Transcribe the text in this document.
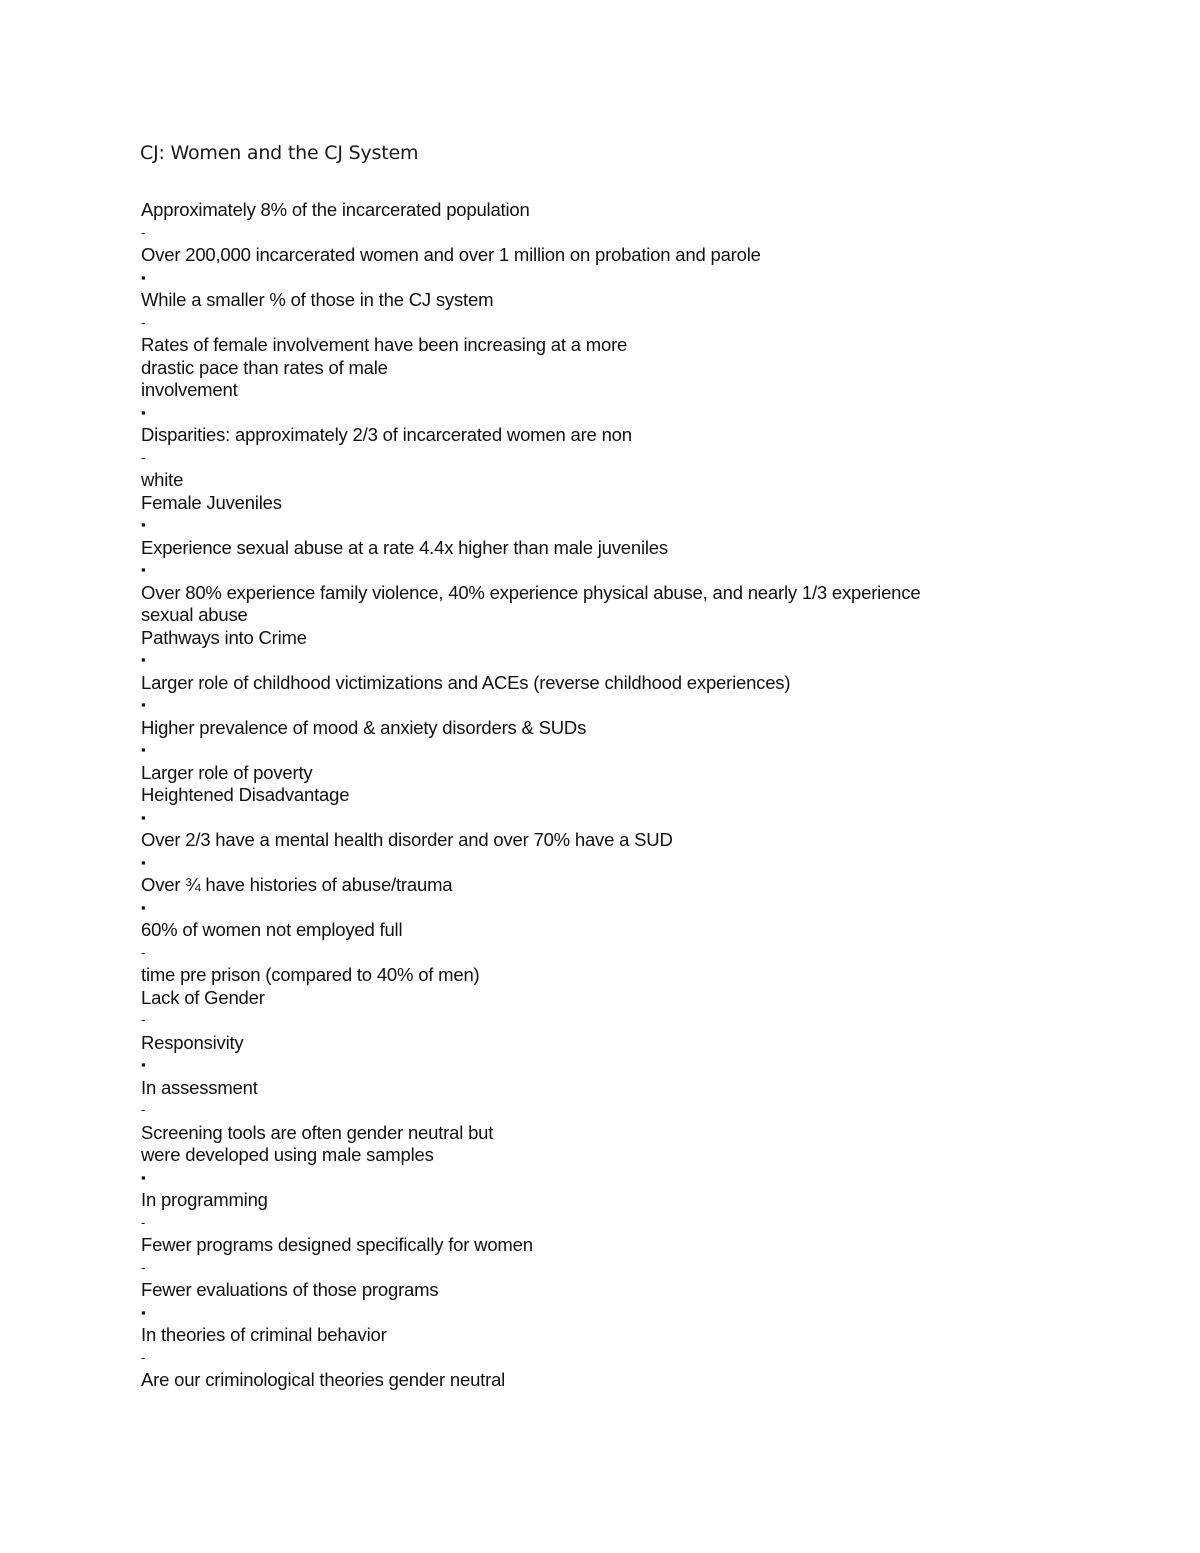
CJ: Women and the CJ System
Approximately 8% of the incarcerated population
-
Over 200,000 incarcerated women and over 1 million on probation and parole
▪
While a smaller % of those in the CJ system
-
Rates of female involvement have been increasing at a more
drastic pace than rates of male
involvement
▪
Disparities: approximately 2/3 of incarcerated women are non
-
white
Female Juveniles
▪
Experience sexual abuse at a rate 4.4x higher than male juveniles
▪
Over 80% experience family violence, 40% experience physical abuse, and nearly 1/3 experience
sexual abuse
Pathways into Crime
▪
Larger role of childhood victimizations and ACEs (reverse childhood experiences)
▪
Higher prevalence of mood & anxiety disorders & SUDs
▪
Larger role of poverty
Heightened Disadvantage
▪
Over 2/3 have a mental health disorder and over 70% have a SUD
▪
Over ¾ have histories of abuse/trauma
▪
60% of women not employed full
-
time pre prison (compared to 40% of men)
Lack of Gender
-
Responsivity
▪
In assessment
-
Screening tools are often gender neutral but
were developed using male samples
▪
In programming
-
Fewer programs designed specifically for women
-
Fewer evaluations of those programs
▪
In theories of criminal behavior
-
Are our criminological theories gender neutral
